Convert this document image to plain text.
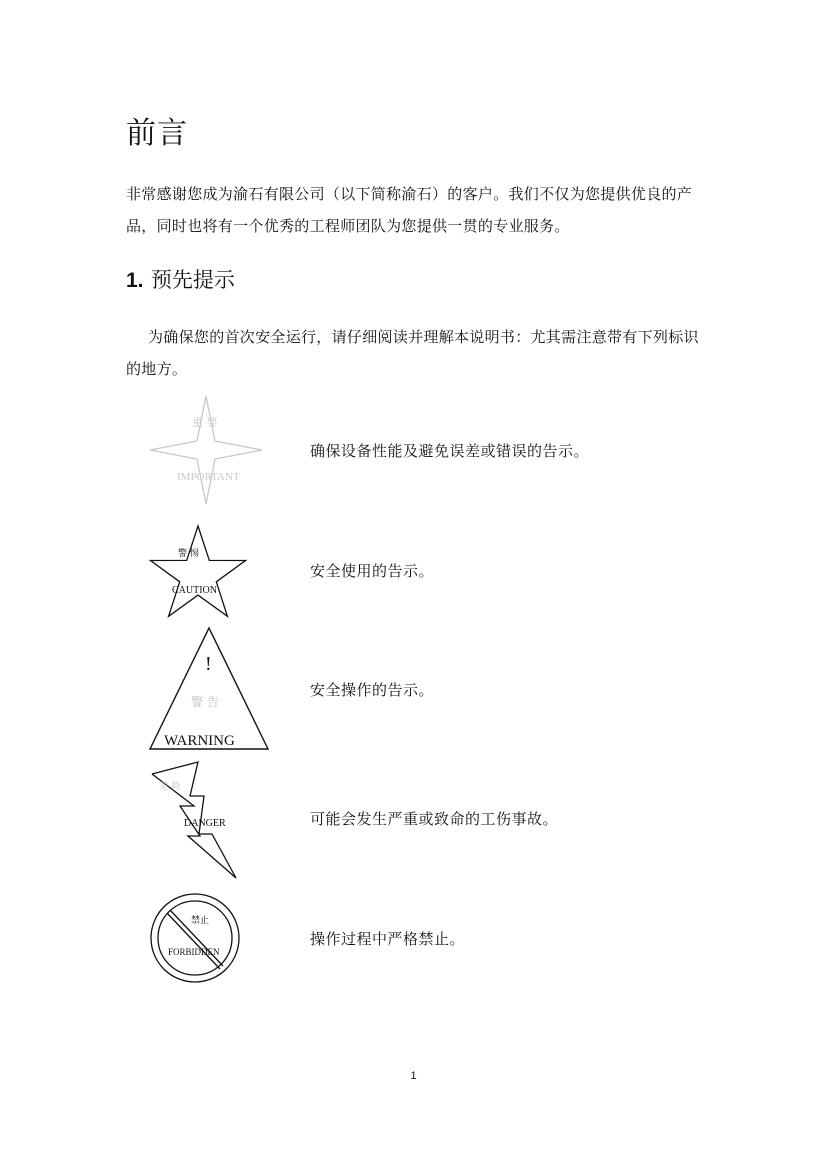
前言

非常感谢您成为渝石有限公司（以下简称渝石）的客户。我们不仅为您提供优良的产品，同时也将有一个优秀的工程师团队为您提供一贯的专业服务。

1. 预先提示

为确保您的首次安全运行，请仔细阅读并理解本说明书：尤其需注意带有下列标识的地方。

重 要
IMPORTANT

确保设备性能及避免误差或错误的告示。

警 惕
CAUTION

安全使用的告示。

!
警 告
WARNING

安全操作的告示。

危 险
DANGER	可能会发生严重或致命的工伤事故。

禁止
FORBIDDEN

操作过程中严格禁止。

1
